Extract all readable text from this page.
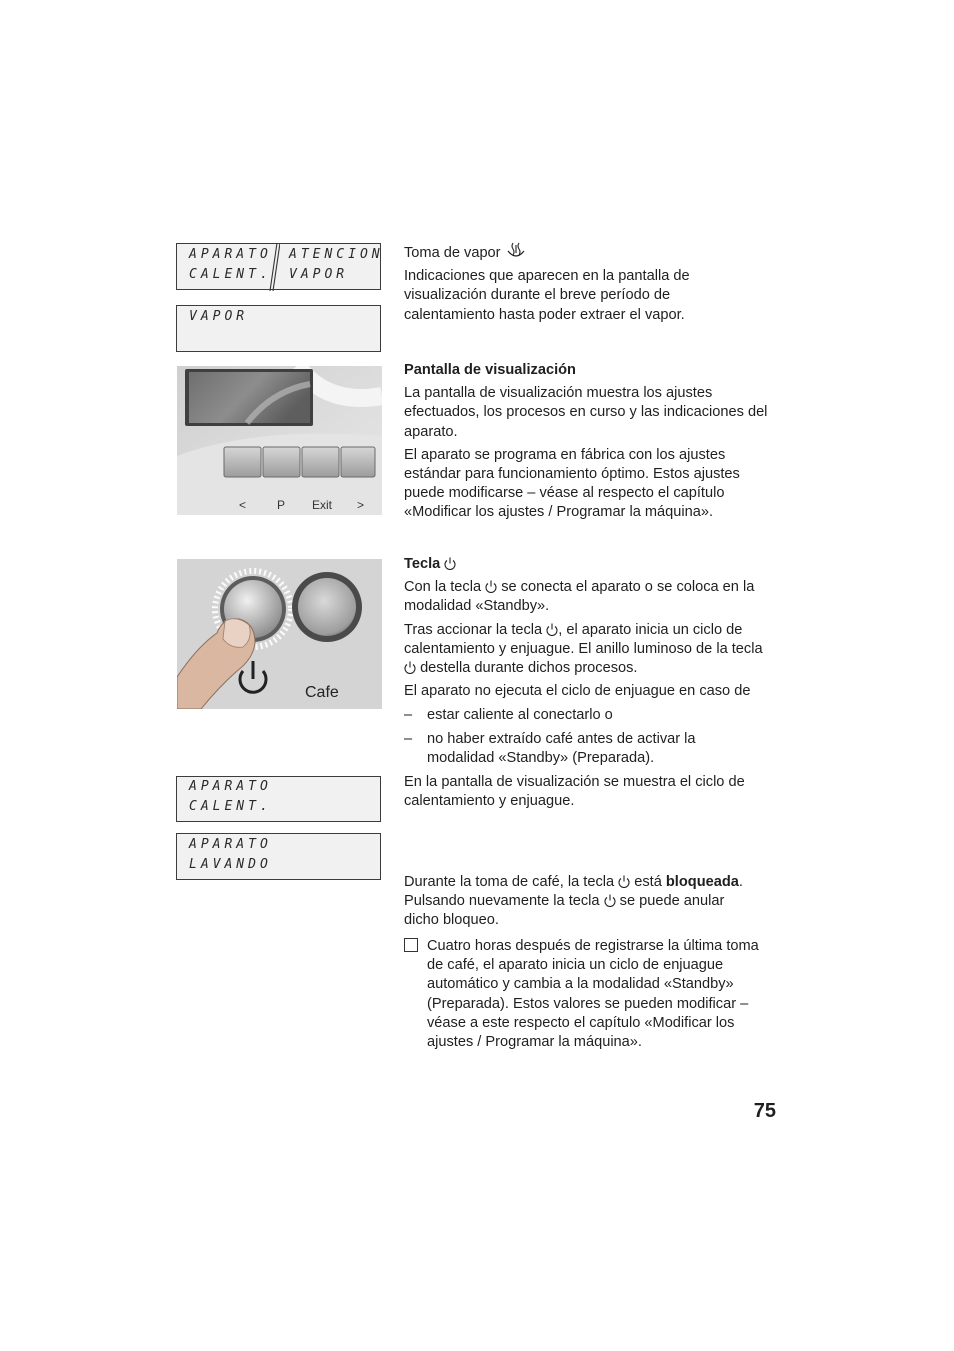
APARATO
CALENT.
ATENCION
VAPOR
VAPOR
APARATO
CALENT.
APARATO
LAVANDO
<	P Exit >
Cafe

Toma de vapor

Indicaciones que aparecen en la pantalla de visualización durante el breve período de calentamiento hasta poder extraer el vapor.

Pantalla de visualización

La pantalla de visualización muestra los ajustes efectuados, los procesos en curso y las indicaciones del aparato.

El aparato se programa en fábrica con los ajustes estándar para funcionamiento óptimo. Estos ajustes puede modificarse – véase al respecto el capítulo «Modificar los ajustes / Programar la máquina».

Tecla

Con la tecla se conecta el aparato o se coloca en la modalidad «Standby».

Tras accionar la tecla , el aparato inicia un ciclo de calentamiento y enjuague. El anillo luminoso de la tecla  destella durante dichos procesos.

El aparato no ejecuta el ciclo de enjuague en caso de

– estar caliente al conectarlo o
– no haber extraído café antes de activar la modalidad «Standby» (Preparada).
En la pantalla de visualización se muestra el ciclo de calentamiento y enjuague.
Durante la toma de café, la tecla está bloqueada. Pulsando nuevamente la tecla se puede anular dicho bloqueo.
Cuatro horas después de registrarse la última toma de café, el aparato inicia un ciclo de enjuague automático y cambia a la modalidad «Standby» (Preparada). Estos valores se pueden modificar – véase a este respecto el capítulo «Modificar los ajustes / Programar la máquina».
75
